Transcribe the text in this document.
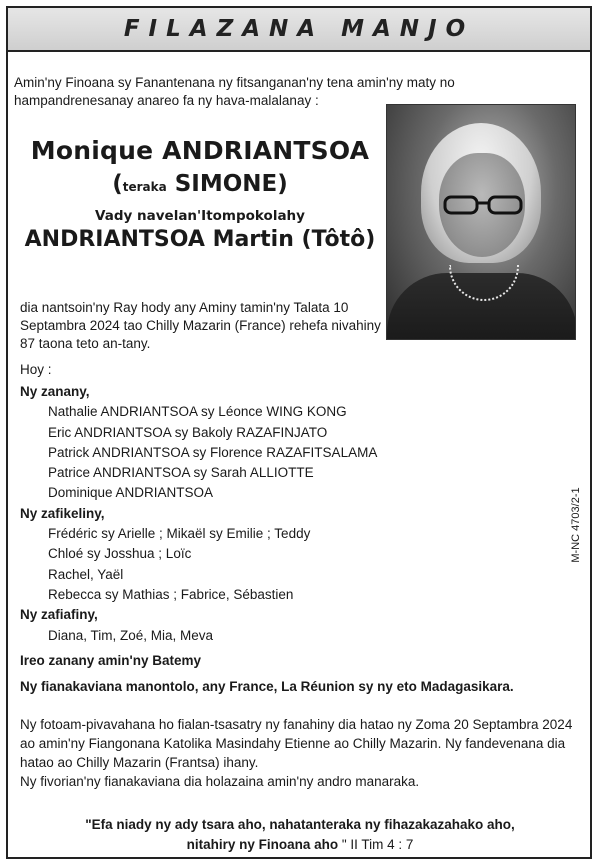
FILAZANA MANJO
Amin'ny Finoana sy Fanantenana ny fitsanganan'ny tena amin'ny maty no hampandrenesanay anareo fa ny hava-malalanay :
Monique ANDRIANTSOA
(teraka SIMONE)
Vady navelan'Itompokolahy
ANDRIANTSOA Martin (Tôtô)
dia nantsoin'ny Ray hody any Aminy tamin'ny Talata 10 Septambra 2024 tao Chilly Mazarin (France) rehefa nivahiny 87 taona teto an-tany.
Hoy :
Ny zanany,
Nathalie ANDRIANTSOA sy Léonce WING KONG
Eric ANDRIANTSOA sy Bakoly RAZAFINJATO
Patrick ANDRIANTSOA sy Florence RAZAFITSALAMA
Patrice ANDRIANTSOA sy Sarah ALLIOTTE
Dominique ANDRIANTSOA
Ny zafikeliny,
Frédéric sy Arielle ; Mikaël sy Emilie ; Teddy
Chloé sy Josshua ; Loïc
Rachel, Yaël
Rebecca sy Mathias ; Fabrice, Sébastien
Ny zafiafiny,
Diana, Tim, Zoé, Mia, Meva
Ireo zanany amin'ny Batemy
Ny fianakaviana manontolo, any France, La Réunion sy ny eto Madagasikara.
Ny fotoam-pivavahana ho fialan-tsasatry ny fanahiny dia hatao ny Zoma 20 Septambra 2024 ao amin'ny Fiangonana Katolika Masindahy Etienne ao Chilly Mazarin. Ny fandevenana dia hatao ao Chilly Mazarin (Frantsa) ihany.
Ny fivorian'ny fianakaviana dia holazaina amin'ny andro manaraka.
"Efa niady ny ady tsara aho, nahatanteraka ny fihazakazahako aho,
nitahiry ny Finoana aho " II Tim 4 : 7
M-NC 4703/2-1
